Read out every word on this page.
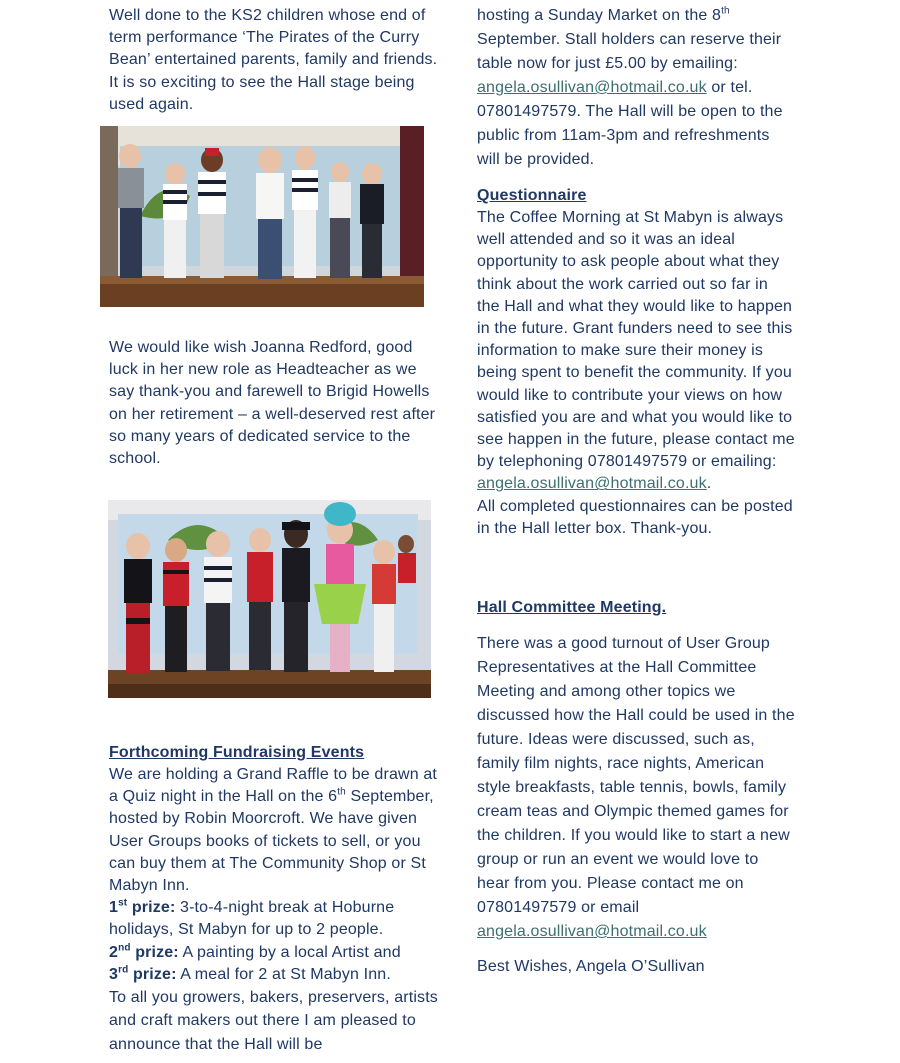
Well done to the KS2 children whose end of term performance ‘The Pirates of the Curry Bean’ entertained parents, family and friends. It is so exciting to see the Hall stage being used again.

We would like wish Joanna Redford, good luck in her new role as Headteacher as we say thank-you and farewell to Brigid Howells on her retirement – a well-deserved rest after so many years of dedicated service to the school.

Forthcoming Fundraising Events

We are holding a Grand Raffle to be drawn at a Quiz night in the Hall on the 6th September, hosted by Robin Moorcroft. We have given User Groups books of tickets to sell, or you can buy them at The Community Shop or St Mabyn Inn.

1st prize: 3-to-4-night break at Hoburne holidays, St Mabyn for up to 2 people.

2nd prize: A painting by a local Artist and

3rd prize: A meal for 2 at St Mabyn Inn.

To all you growers, bakers, preservers, artists and craft makers out there I am pleased to announce that the Hall will be

hosting a Sunday Market on the 8th September. Stall holders can reserve their table now for just £5.00 by emailing: angela.osullivan@hotmail.co.uk or tel. 07801497579. The Hall will be open to the public from 11am-3pm and refreshments will be provided.

Questionnaire

The Coffee Morning at St Mabyn is always well attended and so it was an ideal opportunity to ask people about what they think about the work carried out so far in the Hall and what they would like to happen in the future. Grant funders need to see this information to make sure their money is being spent to benefit the community. If you would like to contribute your views on how satisfied you are and what you would like to see happen in the future, please contact me by telephoning 07801497579 or emailing: angela.osullivan@hotmail.co.uk.

All completed questionnaires can be posted in the Hall letter box. Thank-you.

Hall Committee Meeting.

There was a good turnout of User Group Representatives at the Hall Committee Meeting and among other topics we discussed how the Hall could be used in the future. Ideas were discussed, such as, family film nights, race nights, American style breakfasts, table tennis, bowls, family cream teas and Olympic themed games for the children. If you would like to start a new group or run an event we would love to hear from you. Please contact me on 07801497579 or email angela.osullivan@hotmail.co.uk

Best Wishes, Angela O’Sullivan
